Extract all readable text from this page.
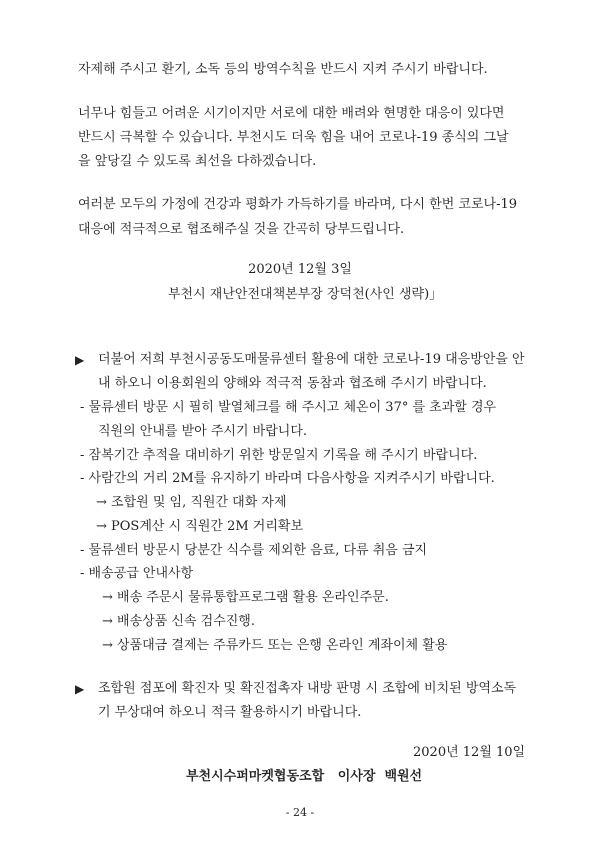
자제해 주시고 환기, 소독 등의 방역수칙을 반드시 지켜 주시기 바랍니다.
너무나 힘들고 어려운 시기이지만 서로에 대한 배려와 현명한 대응이 있다면
반드시 극복할 수 있습니다. 부천시도 더욱 힘을 내어 코로나-19 종식의 그날
을 앞당길 수 있도록 최선을 다하겠습니다.
여러분 모두의 가정에 건강과 평화가 가득하기를 바라며, 다시 한번 코로나-19
대응에 적극적으로 협조해주실 것을 간곡히 당부드립니다.
2020년 12월 3일
부천시 재난안전대책본부장 장덕천(사인 생략)」
▶ 더불어 저희 부천시공동도매물류센터 활용에 대한 코로나-19 대응방안을 안
내 하오니 이용회원의 양해와 적극적 동참과 협조해 주시기 바랍니다.
- 물류센터 방문 시 필히 발열체크를 해 주시고 체온이 37° 를 초과할 경우
직원의 안내를 받아 주시기 바랍니다.
- 잠복기간 추적을 대비하기 위한 방문일지 기록을 해 주시기 바랍니다.
- 사람간의 거리 2M를 유지하기 바라며 다음사항을 지켜주시기 바랍니다.
→ 조합원 및 임, 직원간 대화 자제
→ POS계산 시 직원간 2M 거리확보
- 물류센터 방문시 당분간 식수를 제외한 음료, 다류 취음 금지
- 배송공급 안내사항
→ 배송 주문시 물류통합프로그램 활용 온라인주문.
→ 배송상품 신속 검수진행.
→ 상품대금 결제는 주류카드 또는 은행 온라인 계좌이체 활용
▶ 조합원 점포에 확진자 및 확진접촉자 내방 판명 시 조합에 비치된 방역소독
기 무상대여 하오니 적극 활용하시기 바랍니다.
2020년 12월 10일
부천시수퍼마켓협동조합   이사장  백원선
- 24 -
